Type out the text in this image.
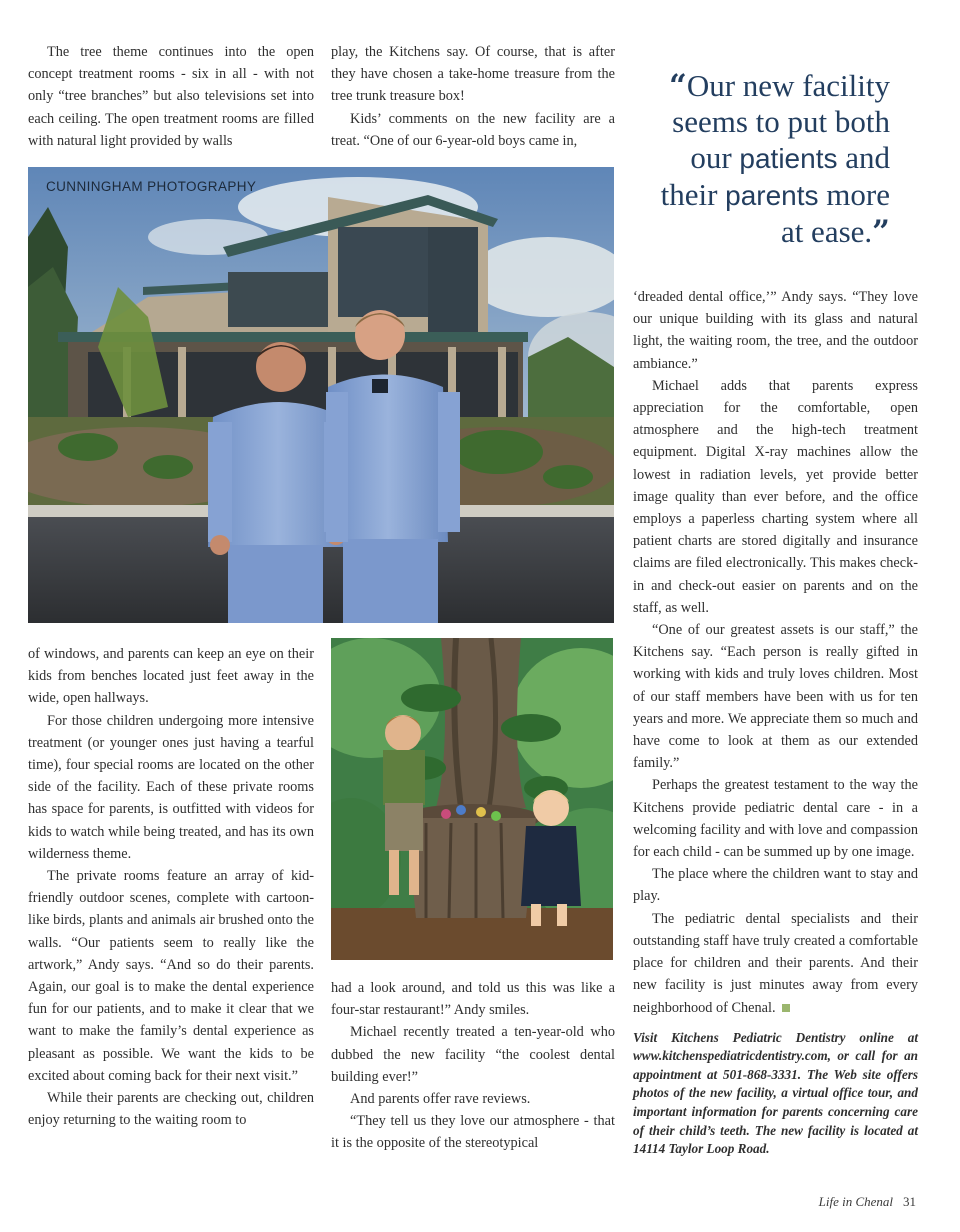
The tree theme continues into the open concept treatment rooms - six in all - with not only “tree branches” but also televisions set into each ceiling. The open treatment rooms are filled with natural light provided by walls

play, the Kitchens say. Of course, that is after they have chosen a take-home treasure from the tree trunk treasure box!

Kids’ comments on the new facility are a treat. “One of our 6-year-old boys came in,

“Our new facility seems to put both our patients and their parents more at ease.”
CUNNINGHAM PHOTOGRAPHY

of windows, and parents can keep an eye on their kids from benches located just feet away in the wide, open hallways.

For those children undergoing more intensive treatment (or younger ones just having a tearful time), four special rooms are located on the other side of the facility. Each of these private rooms has space for parents, is outfitted with videos for kids to watch while being treated, and has its own wilderness theme.

The private rooms feature an array of kid-friendly outdoor scenes, complete with cartoon-like birds, plants and animals air brushed onto the walls. “Our patients seem to really like the artwork,” Andy says. “And so do their parents. Again, our goal is to make the dental experience fun for our patients, and to make it clear that we want to make the family’s dental experience as pleasant as possible. We want the kids to be excited about coming back for their next visit.”

While their parents are checking out, children enjoy returning to the waiting room to

had a look around, and told us this was like a four-star restaurant!” Andy smiles.

Michael recently treated a ten-year-old who dubbed the new facility “the coolest dental building ever!”

And parents offer rave reviews.

“They tell us they love our atmosphere - that it is the opposite of the stereotypical

‘dreaded dental office,’” Andy says. “They love our unique building with its glass and natural light, the waiting room, the tree, and the outdoor ambiance.”

Michael adds that parents express appreciation for the comfortable, open atmosphere and the high-tech treatment equipment. Digital X-ray machines allow the lowest in radiation levels, yet provide better image quality than ever before, and the office employs a paperless charting system where all patient charts are stored digitally and insurance claims are filed electronically. This makes check-in and check-out easier on parents and on the staff, as well.

“One of our greatest assets is our staff,” the Kitchens say. “Each person is really gifted in working with kids and truly loves children. Most of our staff members have been with us for ten years and more. We appreciate them so much and have come to look at them as our extended family.”

Perhaps the greatest testament to the way the Kitchens provide pediatric dental care - in a welcoming facility and with love and compassion for each child - can be summed up by one image.

The place where the children want to stay and play.

The pediatric dental specialists and their outstanding staff have truly created a comfortable place for children and their parents. And their new facility is just minutes away from every neighborhood of Chenal.

Visit Kitchens Pediatric Dentistry online at www.kitchenspediatricdentistry.com, or call for an appointment at 501-868-3331. The Web site offers photos of the new facility, a virtual office tour, and important information for parents concerning care of their child’s teeth. The new facility is located at 14114 Taylor Loop Road.
Life in Chenal 31
